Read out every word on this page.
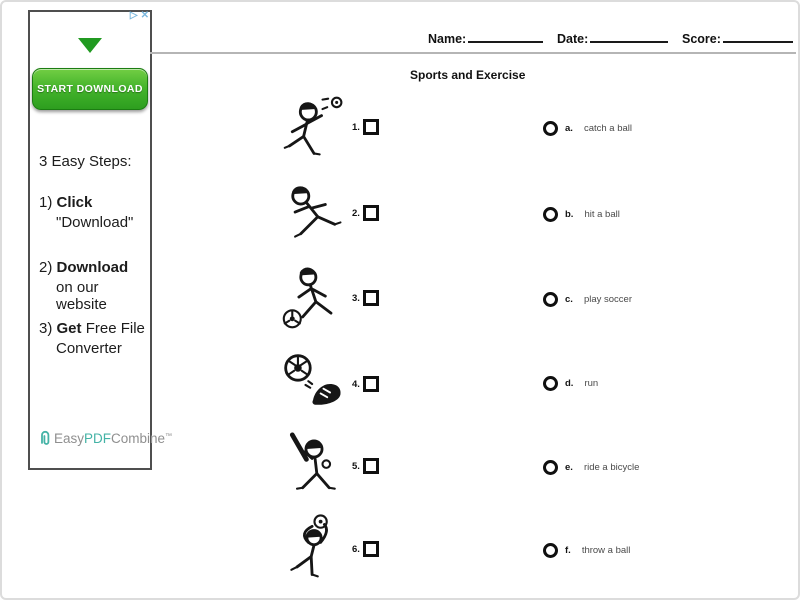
▷ ✕
START DOWNLOAD
3 Easy Steps:
1) Click
"Download"
2) Download
on our website
3) Get Free File
Converter
Easy PDF Combine ™
Name:	Date:	Score:
Sports and Exercise
1.
2.
3.
4.
5.
6.
a. catch a ball
b. hit a ball
c. play soccer
d. run
e. ride a bicycle
f. throw a ball
